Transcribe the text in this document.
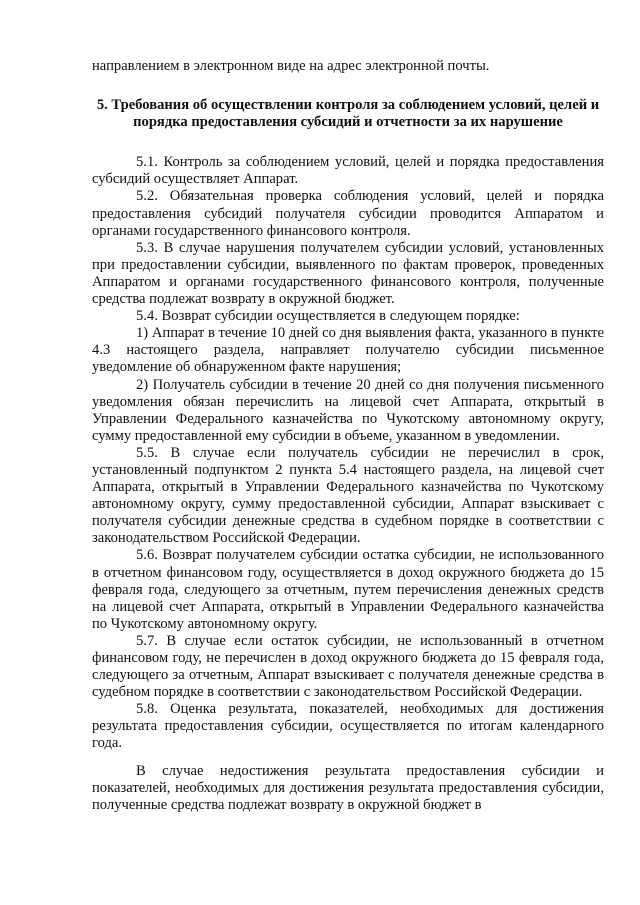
направлением в электронном виде на адрес электронной почты.

5. Требования об осуществлении контроля за соблюдением условий, целей и порядка предоставления субсидий и отчетности за их нарушение

5.1. Контроль за соблюдением условий, целей и порядка предоставления субсидий осуществляет Аппарат.

5.2. Обязательная проверка соблюдения условий, целей и порядка предоставления субсидий получателя субсидии проводится Аппаратом и органами государственного финансового контроля.

5.3. В случае нарушения получателем субсидии условий, установленных при предоставлении субсидии, выявленного по фактам проверок, проведенных Аппаратом и органами государственного финансового контроля, полученные средства подлежат возврату в окружной бюджет.

5.4. Возврат субсидии осуществляется в следующем порядке:

1) Аппарат в течение 10 дней со дня выявления факта, указанного в пункте 4.3 настоящего раздела, направляет получателю субсидии письменное уведомление об обнаруженном факте нарушения;

2) Получатель субсидии в течение 20 дней со дня получения письменного уведомления обязан перечислить на лицевой счет Аппарата, открытый в Управлении Федерального казначейства по Чукотскому автономному округу, сумму предоставленной ему субсидии в объеме, указанном в уведомлении.

5.5. В случае если получатель субсидии не перечислил в срок, установленный подпунктом 2 пункта 5.4 настоящего раздела, на лицевой счет Аппарата, открытый в Управлении Федерального казначейства по Чукотскому автономному округу, сумму предоставленной субсидии, Аппарат взыскивает с получателя субсидии денежные средства в судебном порядке в соответствии с законодательством Российской Федерации.

5.6. Возврат получателем субсидии остатка субсидии, не использованного в отчетном финансовом году, осуществляется в доход окружного бюджета до 15 февраля года, следующего за отчетным, путем перечисления денежных средств на лицевой счет Аппарата, открытый в Управлении Федерального казначейства по Чукотскому автономному округу.

5.7. В случае если остаток субсидии, не использованный в отчетном финансовом году, не перечислен в доход окружного бюджета до 15 февраля года, следующего за отчетным, Аппарат взыскивает с получателя денежные средства в судебном порядке в соответствии с законодательством Российской Федерации.

5.8. Оценка результата, показателей, необходимых для достижения результата предоставления субсидии, осуществляется по итогам календарного года.

В случае недостижения результата предоставления субсидии и показателей, необходимых для достижения результата предоставления субсидии, полученные средства подлежат возврату в окружной бюджет в
